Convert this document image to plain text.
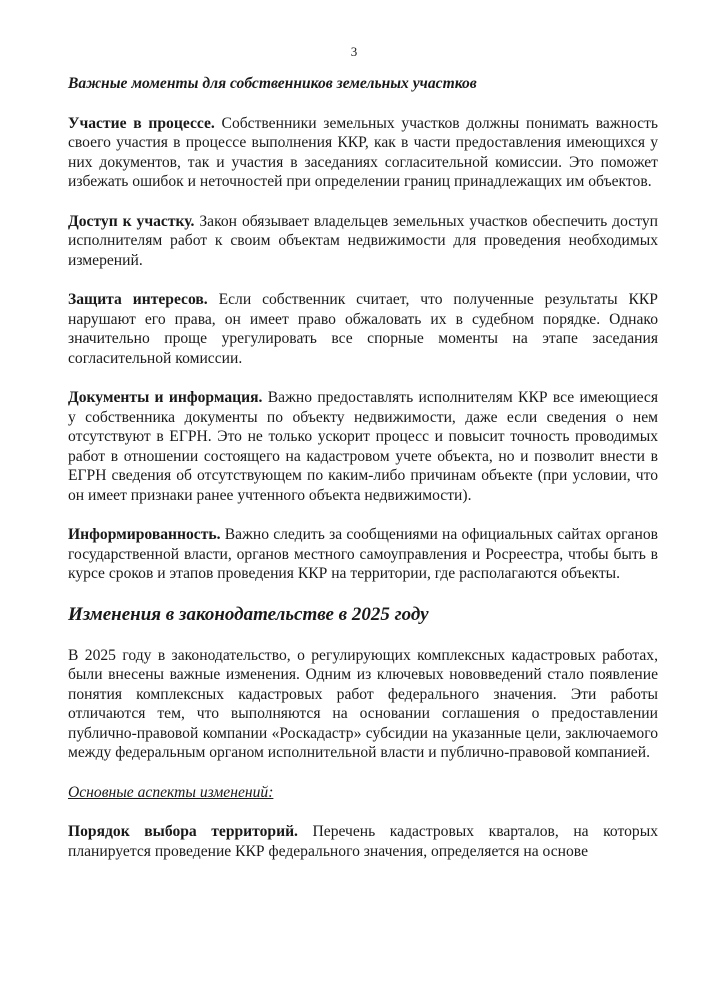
3
Важные моменты для собственников земельных участков

Участие в процессе. Собственники земельных участков должны понимать важность своего участия в процессе выполнения ККР, как в части предоставления имеющихся у них документов, так и участия в заседаниях согласительной комиссии. Это поможет избежать ошибок и неточностей при определении границ принадлежащих им объектов.

Доступ к участку. Закон обязывает владельцев земельных участков обеспечить доступ исполнителям работ к своим объектам недвижимости для проведения необходимых измерений.

Защита интересов. Если собственник считает, что полученные результаты ККР нарушают его права, он имеет право обжаловать их в судебном порядке. Однако значительно проще урегулировать все спорные моменты на этапе заседания согласительной комиссии.

Документы и информация. Важно предоставлять исполнителям ККР все имеющиеся у собственника документы по объекту недвижимости, даже если сведения о нем отсутствуют в ЕГРН. Это не только ускорит процесс и повысит точность проводимых работ в отношении состоящего на кадастровом учете объекта, но и позволит внести в ЕГРН сведения об отсутствующем по каким-либо причинам объекте (при условии, что он имеет признаки ранее учтенного объекта недвижимости).

Информированность. Важно следить за сообщениями на официальных сайтах органов государственной власти, органов местного самоуправления и Росреестра, чтобы быть в курсе сроков и этапов проведения ККР на территории, где располагаются объекты.

Изменения в законодательстве в 2025 году

В 2025 году в законодательство, о регулирующих комплексных кадастровых работах, были внесены важные изменения. Одним из ключевых нововведений стало появление понятия комплексных кадастровых работ федерального значения. Эти работы отличаются тем, что выполняются на основании соглашения о предоставлении публично-правовой компании «Роскадастр» субсидии на указанные цели, заключаемого между федеральным органом исполнительной власти и публично-правовой компанией.

Основные аспекты изменений:

Порядок выбора территорий. Перечень кадастровых кварталов, на которых планируется проведение ККР федерального значения, определяется на основе
